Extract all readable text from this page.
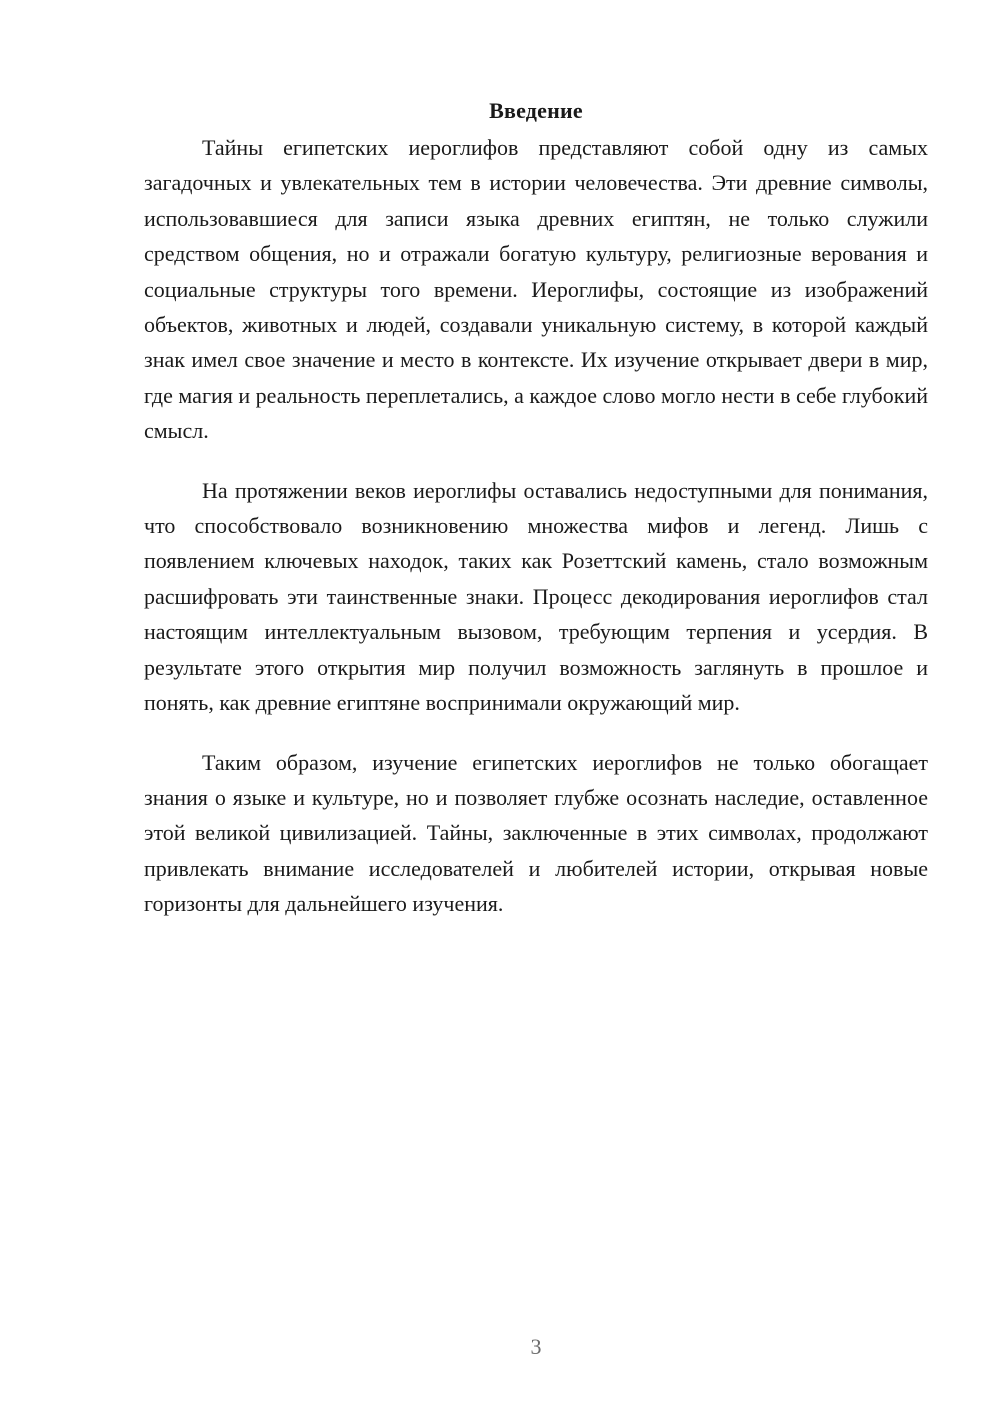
Введение

Тайны египетских иероглифов представляют собой одну из самых загадочных и увлекательных тем в истории человечества. Эти древние символы, использовавшиеся для записи языка древних египтян, не только служили средством общения, но и отражали богатую культуру, религиозные верования и социальные структуры того времени. Иероглифы, состоящие из изображений объектов, животных и людей, создавали уникальную систему, в которой каждый знак имел свое значение и место в контексте. Их изучение открывает двери в мир, где магия и реальность переплетались, а каждое слово могло нести в себе глубокий смысл.

На протяжении веков иероглифы оставались недоступными для понимания, что способствовало возникновению множества мифов и легенд. Лишь с появлением ключевых находок, таких как Розеттский камень, стало возможным расшифровать эти таинственные знаки. Процесс декодирования иероглифов стал настоящим интеллектуальным вызовом, требующим терпения и усердия. В результате этого открытия мир получил возможность заглянуть в прошлое и понять, как древние египтяне воспринимали окружающий мир.

Таким образом, изучение египетских иероглифов не только обогащает знания о языке и культуре, но и позволяет глубже осознать наследие, оставленное этой великой цивилизацией. Тайны, заключенные в этих символах, продолжают привлекать внимание исследователей и любителей истории, открывая новые горизонты для дальнейшего изучения.

3
